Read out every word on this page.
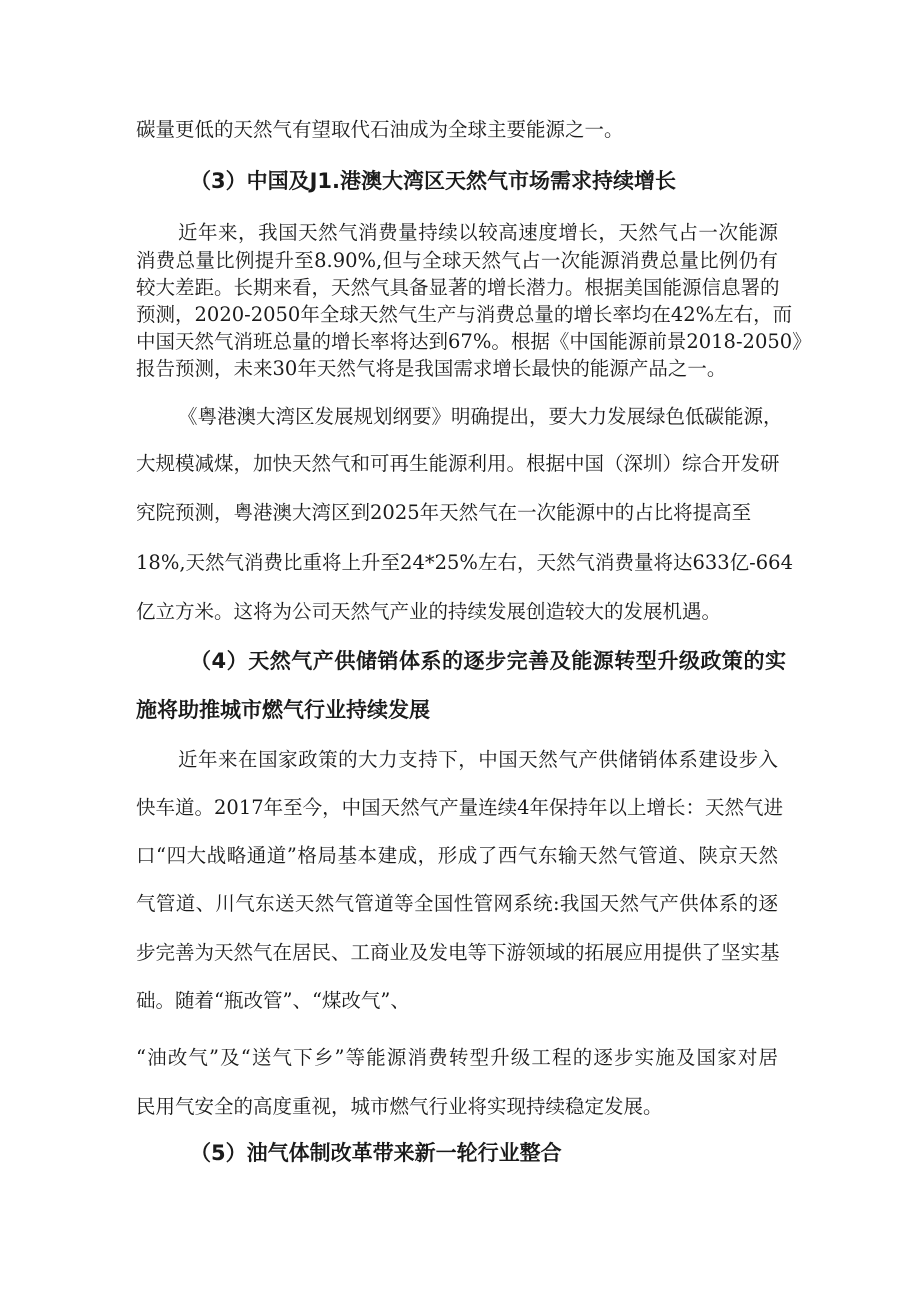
碳量更低的天然气有望取代石油成为全球主要能源之一。
（3）中国及J1.港澳大湾区天然气市场需求持续增长
近年来，我国天然气消费量持续以较高速度增长，天然气占一次能源
消费总量比例提升至8.90%,但与全球天然气占一次能源消费总量比例仍有
较大差距。长期来看，天然气具备显著的增长潜力。根据美国能源信息署的
预测，2020-2050年全球天然气生产与消费总量的增长率均在42%左右，而
中国天然气消班总量的增长率将达到67%。根据《中国能源前景2018-2050》
报告预测，未来30年天然气将是我国需求增长最快的能源产品之一。
《粤港澳大湾区发展规划纲要》明确提出，要大力发展绿色低碳能源，
大规模减煤，加快天然气和可再生能源利用。根据中国（深圳）综合开发研
究院预测，粤港澳大湾区到2025年天然气在一次能源中的占比将提高至
18%,天然气消费比重将上升至24*25%左右，天然气消费量将达633亿-664
亿立方米。这将为公司天然气产业的持续发展创造较大的发展机遇。
（4）天然气产供储销体系的逐步完善及能源转型升级政策的实
施将助推城市燃气行业持续发展
近年来在国家政策的大力支持下，中国天然气产供储销体系建设步入
快车道。2017年至今，中国天然气产量连续4年保持年以上增长：天然气进
口“四大战略通道”格局基本建成，形成了西气东输天然气管道、陕京天然
气管道、川气东送天然气管道等全国性管网系统:我国天然气产供体系的逐
步完善为天然气在居民、工商业及发电等下游领域的拓展应用提供了坚实基
础。随着“瓶改管”、“煤改气”、
“油改气”及“送气下乡”等能源消费转型升级工程的逐步实施及国家对居
民用气安全的高度重视，城市燃气行业将实现持续稳定发展。
（5）油气体制改革带来新一轮行业整合
